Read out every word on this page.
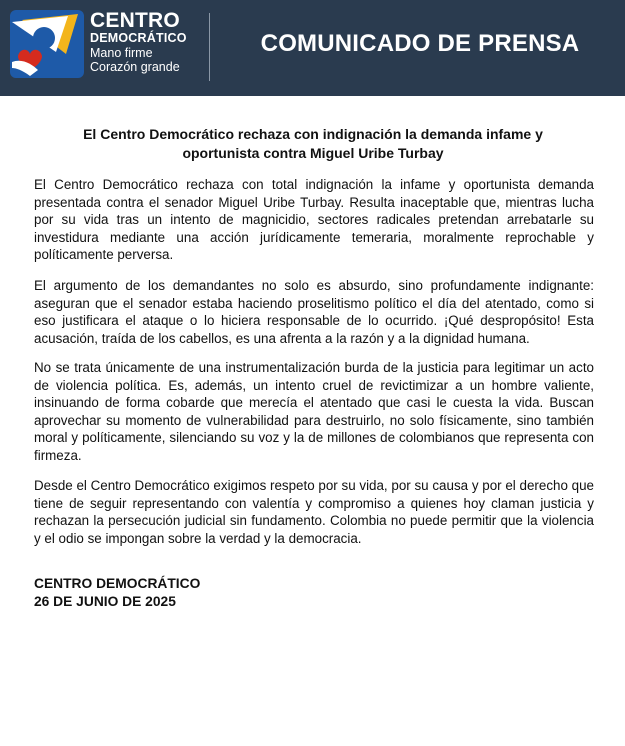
CENTRO
DEMOCRÁTICO
Mano firme
Corazón grande
COMUNICADO DE PRENSA
El Centro Democrático rechaza con indignación la demanda infame y
oportunista contra Miguel Uribe Turbay

El Centro Democrático rechaza con total indignación la infame y oportunista demanda presentada contra el senador Miguel Uribe Turbay. Resulta inaceptable que, mientras lucha por su vida tras un intento de magnicidio, sectores radicales pretendan arrebatarle su investidura mediante una acción jurídicamente temeraria, moralmente reprochable y políticamente perversa.

El argumento de los demandantes no solo es absurdo, sino profundamente indignante: aseguran que el senador estaba haciendo proselitismo político el día del atentado, como si eso justificara el ataque o lo hiciera responsable de lo ocurrido. ¡Qué despropósito! Esta acusación, traída de los cabellos, es una afrenta a la razón y a la dignidad humana.

No se trata únicamente de una instrumentalización burda de la justicia para legitimar un acto de violencia política. Es, además, un intento cruel de revictimizar a un hombre valiente, insinuando de forma cobarde que merecía el atentado que casi le cuesta la vida. Buscan aprovechar su momento de vulnerabilidad para destruirlo, no solo físicamente, sino también moral y políticamente, silenciando su voz y la de millones de colombianos que representa con firmeza.

Desde el Centro Democrático exigimos respeto por su vida, por su causa y por el derecho que tiene de seguir representando con valentía y compromiso a quienes hoy claman justicia y rechazan la persecución judicial sin fundamento. Colombia no puede permitir que la violencia y el odio se impongan sobre la verdad y la democracia.

CENTRO DEMOCRÁTICO
26 DE JUNIO DE 2025
